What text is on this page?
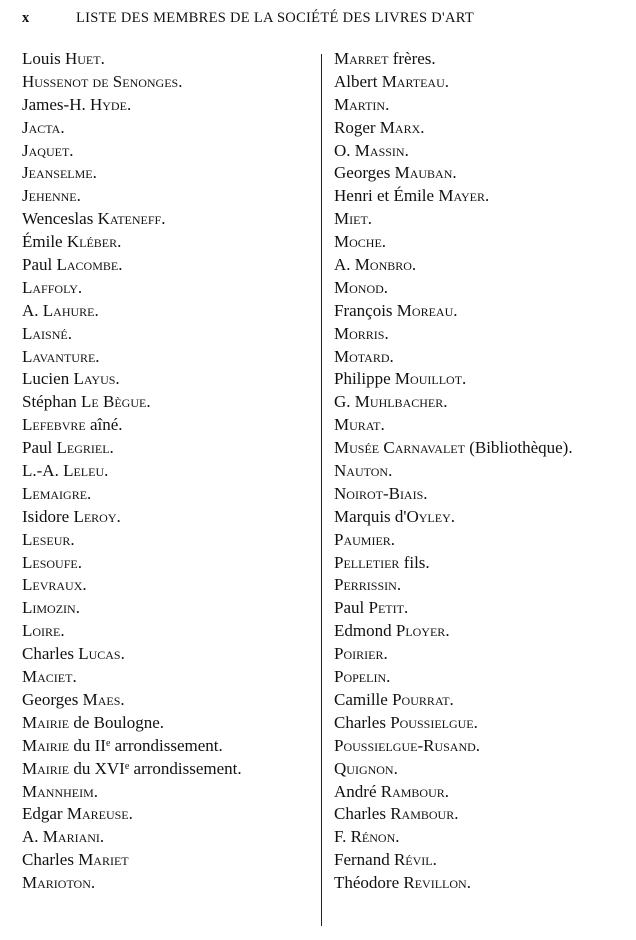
x	LISTE DES MEMBRES DE LA SOCIÉTÉ DES LIVRES D'ART
Louis Huet.
Hussenot de Senonges.
James-H. Hyde.
Jacta.
Jaquet.
Jeanselme.
Jehenne.
Wenceslas Kateneff.
Émile Kléber.
Paul Lacombe.
Laffoly.
A. Lahure.
Laisné.
Lavanture.
Lucien Layus.
Stéphan Le Bègue.
Lefebvre aîné.
Paul Legriel.
L.-A. Leleu.
Lemaigre.
Isidore Leroy.
Leseur.
Lesoufe.
Levraux.
Limozin.
Loire.
Charles Lucas.
Maciet.
Georges Maes.
Mairie de Boulogne.
Mairie du IIe arrondissement.
Mairie du XVIe arrondissement.
Mannheim.
Edgar Mareuse.
A. Mariani.
Charles Mariet
Marioton.
Marret frères.
Albert Marteau.
Martin.
Roger Marx.
O. Massin.
Georges Mauban.
Henri et Émile Mayer.
Miet.
Moche.
A. Monbro.
Monod.
François Moreau.
Morris.
Motard.
Philippe Mouillot.
G. Muhlbacher.
Murat.
Musée Carnavalet (Bibliothèque).
Nauton.
Noirot-Biais.
Marquis d'Oyley.
Paumier.
Pelletier fils.
Perrissin.
Paul Petit.
Edmond Ployer.
Poirier.
Popelin.
Camille Pourrat.
Charles Poussielgue.
Poussielgue-Rusand.
Quignon.
André Rambour.
Charles Rambour.
F. Rénon.
Fernand Révil.
Théodore Revillon.
